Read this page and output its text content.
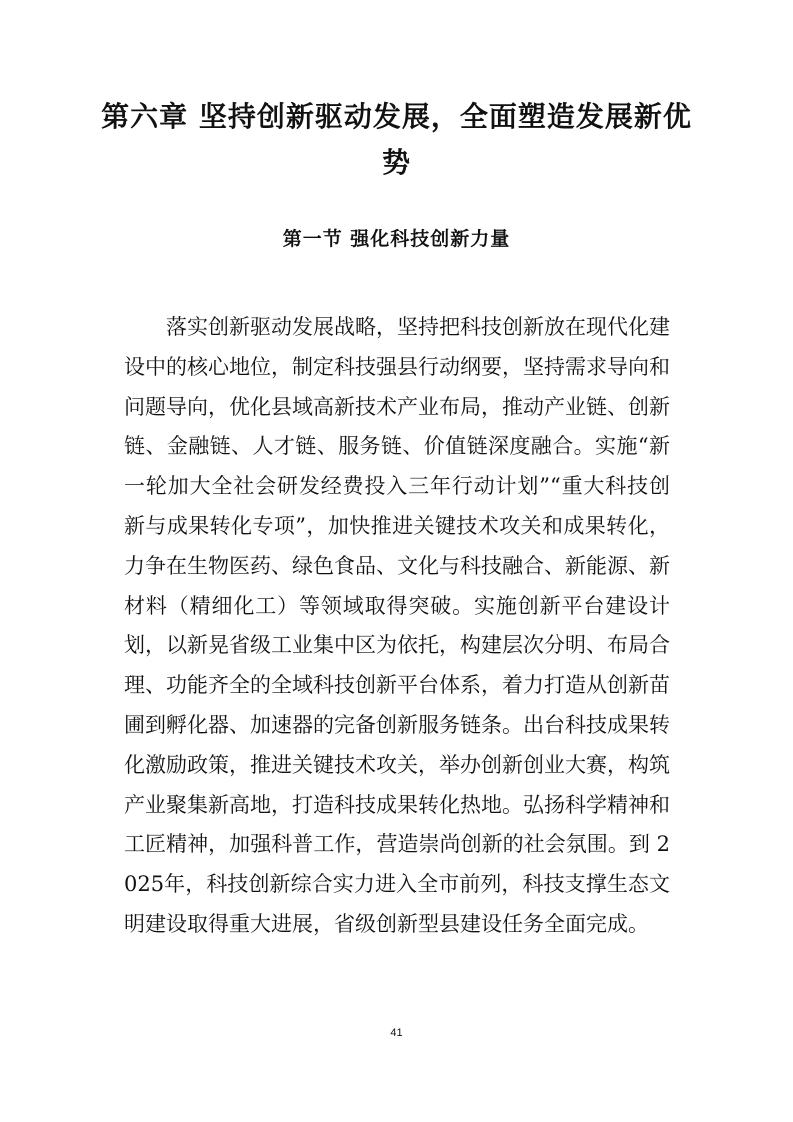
第六章 坚持创新驱动发展，全面塑造发展新优势
第一节 强化科技创新力量

落实创新驱动发展战略，坚持把科技创新放在现代化建设中的核心地位，制定科技强县行动纲要，坚持需求导向和问题导向，优化县域高新技术产业布局，推动产业链、创新链、金融链、人才链、服务链、价值链深度融合。实施“新一轮加大全社会研发经费投入三年行动计划”“重大科技创新与成果转化专项”，加快推进关键技术攻关和成果转化，力争在生物医药、绿色食品、文化与科技融合、新能源、新材料（精细化工）等领域取得突破。实施创新平台建设计划，以新晃省级工业集中区为依托，构建层次分明、布局合理、功能齐全的全域科技创新平台体系，着力打造从创新苗圃到孵化器、加速器的完备创新服务链条。出台科技成果转化激励政策，推进关键技术攻关，举办创新创业大赛，构筑产业聚集新高地，打造科技成果转化热地。弘扬科学精神和工匠精神，加强科普工作，营造崇尚创新的社会氛围。到 2025年，科技创新综合实力进入全市前列，科技支撑生态文明建设取得重大进展，省级创新型县建设任务全面完成。

41
